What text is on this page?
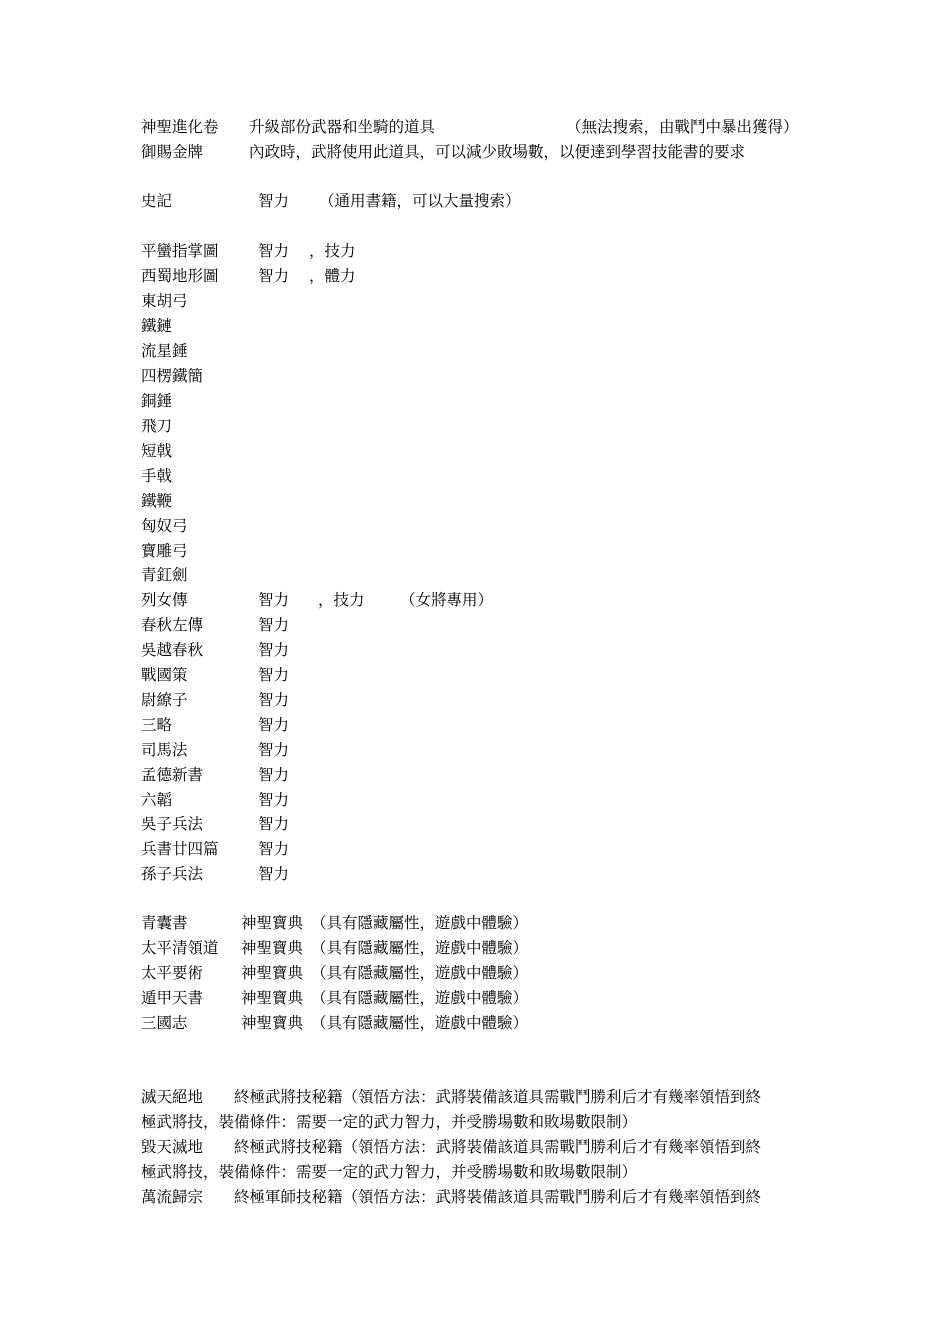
神聖進化卷 升級部份武器和坐騎的道具	（無法搜索，由戰鬥中暴出獲得）
御賜金牌	內政時，武將使用此道具，可以減少敗場數，以便達到學習技能書的要求
史記	智力 （通用書籍，可以大量搜索）
平蠻指掌圖	智力 ，技力
西蜀地形圖	智力 ，體力
東胡弓
鐵鏈
流星錘
四楞鐵簡
銅錘
飛刀
短戟
手戟
鐵鞭
匈奴弓
寶雕弓
青釭劍
列女傳	智力 ，技力 （女將專用）
春秋左傳	智力
吳越春秋	智力
戰國策	智力
尉繚子	智力
三略	智力
司馬法	智力
孟德新書	智力
六韜	智力
吳子兵法	智力
兵書廿四篇	智力
孫子兵法	智力
青囊書	神聖寶典 （具有隱藏屬性，遊戲中體驗）
太平清領道 神聖寶典 （具有隱藏屬性，遊戲中體驗）
太平要術 神聖寶典 （具有隱藏屬性，遊戲中體驗）
遁甲天書 神聖寶典 （具有隱藏屬性，遊戲中體驗）
三國志	神聖寶典 （具有隱藏屬性，遊戲中體驗）
滅天絕地　　終極武將技秘籍（領悟方法：武將裝備該道具需戰鬥勝利后才有幾率領悟到終
極武將技，裝備條件：需要一定的武力智力，并受勝場數和敗場數限制）
毀天滅地　　終極武將技秘籍（領悟方法：武將裝備該道具需戰鬥勝利后才有幾率領悟到終
極武將技，裝備條件：需要一定的武力智力，并受勝場數和敗場數限制）
萬流歸宗　　終極軍師技秘籍（領悟方法：武將裝備該道具需戰鬥勝利后才有幾率領悟到終
